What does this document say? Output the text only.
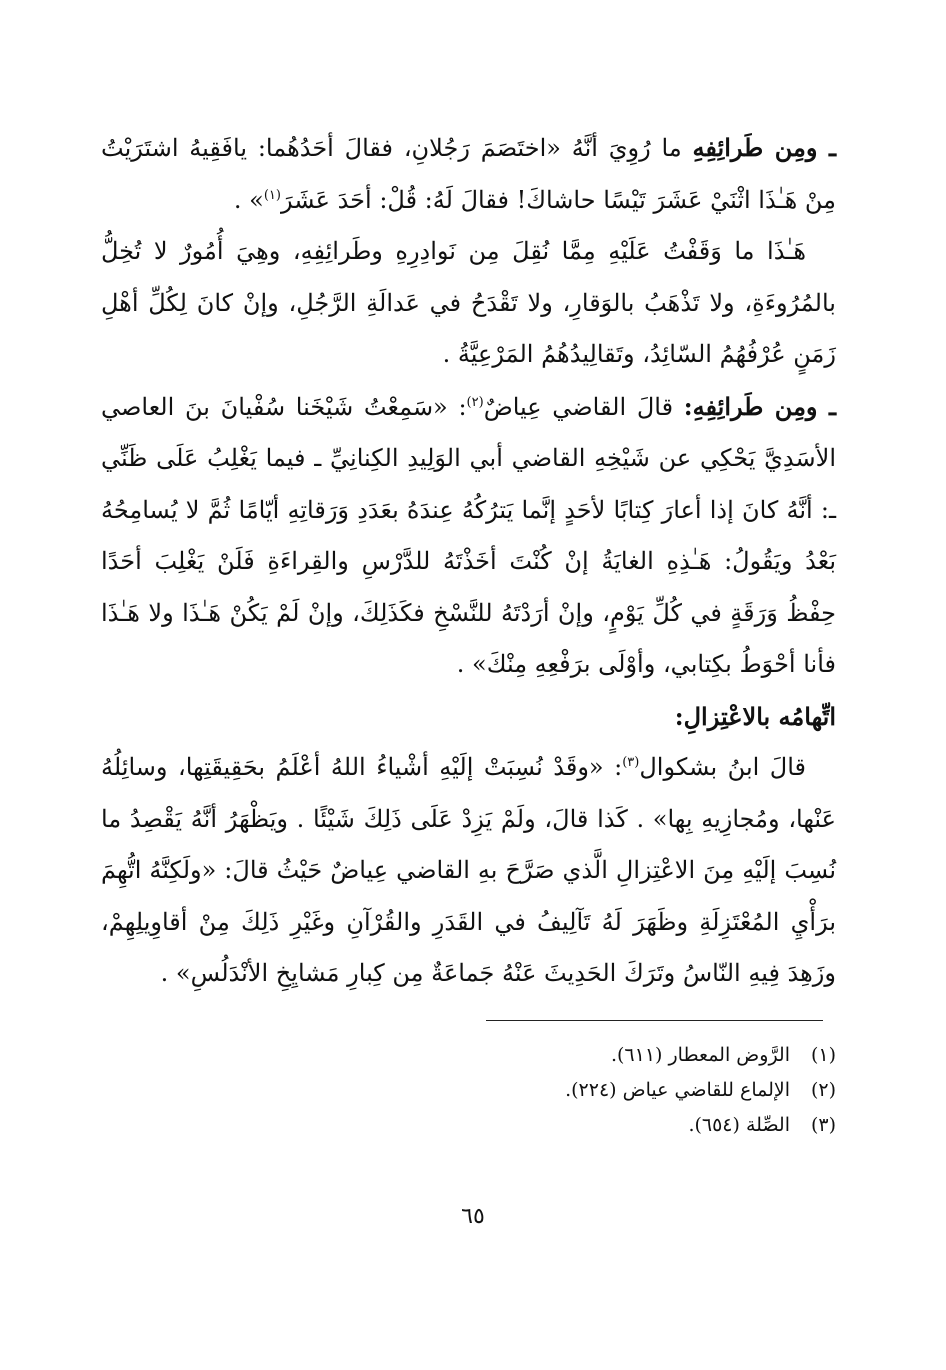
ـ ومِن طَرائِفِهِ ما رُوِيَ أنَّهُ «اختَصَمَ رَجُلانِ، فقالَ أحَدُهُما: يافَقِيهُ اشتَرَيْتُ مِنْ هَـٰذَا اثْنَيْ عَشَرَ تَيْسًا حاشاكَ! فقالَ لَهُ: قُلْ: أحَدَ عَشَرَ$^{(١)}$» .

هَـٰذَا ما وَقَفْتُ عَلَيْهِ مِمَّا نُقِلَ مِن نَوادِرِهِ وطَرائِفِهِ، وهِيَ أُمُورٌ لا تُخِلُّ بالمُرُوءَةِ، ولا تَذْهَبُ بالوَقارِ، ولا تَقْدَحُ في عَدالَةِ الرَّجُلِ، وإنْ كانَ لِكُلِّ أهْلِ زَمَنٍ عُرْفُهُمُ السّائِدُ، وتَقالِيدُهُمُ المَرْعِيَّةُ .

ـ ومِن طَرائِفِهِ: قالَ القاضي عِياضٌ$^{(٢)}$: «سَمِعْتُ شَيْخَنا سُفْيانَ بنَ العاصي الأسَدِيَّ يَحْكِي عن شَيْخِهِ القاضي أبي الوَلِيدِ الكِنانِيِّ ـ فيما يَغْلِبُ عَلَى ظَنِّي ـ: أنَّهُ كانَ إذا أعارَ كِتابًا لأحَدٍ إنَّما يَترُكُهُ عِندَهُ بعَدَدِ وَرَقاتِهِ أيّامًا ثُمَّ لا يُسامِحُهُ بَعْدُ ويَقُولُ: هَـٰذِهِ الغايَةُ إنْ كُنْتَ أخَذْتَهُ للدَّرْسِ والقِراءَةِ فَلَنْ يَغْلِبَ أحَدًا حِفْظُ وَرَقَةٍ في كُلِّ يَوْمٍ، وإنْ أرَدْتَهُ للنَّسْخِ فكَذَلِكَ، وإنْ لَمْ يَكُنْ هَـٰذَا ولا هَـٰذَا فأنا أحْوَطُ بكِتابي، وأوْلَى برَفْعِهِ مِنْكَ» .

اتِّهامُه بالاعْتِزالِ:

قالَ ابنُ بشكوال$^{(٣)}$: «وقَدْ نُسِبَتْ إلَيْهِ أشْياءُ اللهُ أعْلَمُ بحَقِيقَتِها، وسائِلُهُ عَنْها، ومُجازِيهِ بِها» . كَذا قالَ، ولَمْ يَزِدْ عَلَى ذَلِكَ شَيْئًا . ويَظْهَرُ أنَّهُ يَقْصِدُ ما نُسِبَ إلَيْهِ مِنَ الاعْتِزالِ الَّذي صَرَّحَ بهِ القاضي عِياضٌ حَيْثُ قالَ: «ولَكِنَّهُ اتُّهِمَ برَأْيِ المُعْتَزِلَةِ وظَهَرَ لَهُ تَآلِيفُ في القَدَرِ والقُرْآنِ وغَيْرِ ذَلِكَ مِنْ أقاوِيلِهِمْ، وزَهِدَ فِيهِ النّاسُ وتَرَكَ الحَدِيثَ عَنْهُ جَماعَةٌ مِن كِبارِ مَشايِخِ الأنْدَلُسِ» .

(١)
الرَّوض المعطار (٦١١).
(٢)
الإلماع للقاضي عياض (٢٢٤).
(٣)
الصِّلة (٦٥٤).
٦٥
